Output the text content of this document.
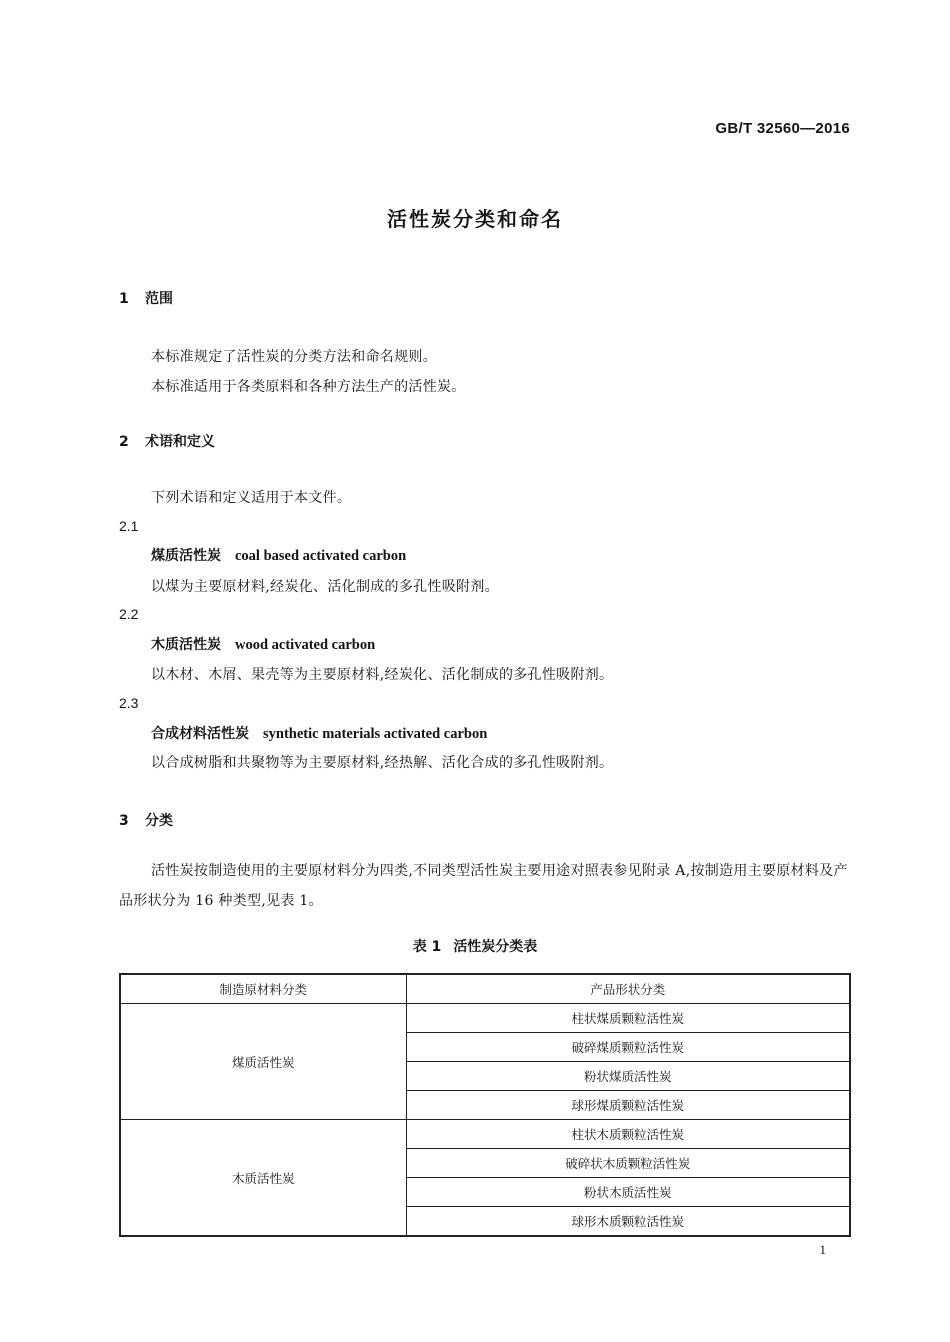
GB/T 32560—2016
活性炭分类和命名
1 范围
本标准规定了活性炭的分类方法和命名规则。
本标准适用于各类原料和各种方法生产的活性炭。
2 术语和定义
下列术语和定义适用于本文件。
2.1
煤质活性炭 coal based activated carbon
以煤为主要原材料,经炭化、活化制成的多孔性吸附剂。
2.2
木质活性炭 wood activated carbon
以木材、木屑、果壳等为主要原材料,经炭化、活化制成的多孔性吸附剂。
2.3
合成材料活性炭 synthetic materials activated carbon
以合成树脂和共聚物等为主要原材料,经热解、活化合成的多孔性吸附剂。
3 分类
活性炭按制造使用的主要原材料分为四类,不同类型活性炭主要用途对照表参见附录 A,按制造用主要原材料及产品形状分为 16 种类型,见表 1。
表 1 活性炭分类表
制造原材料分类	产品形状分类
煤质活性炭	柱状煤质颗粒活性炭
	破碎煤质颗粒活性炭
	粉状煤质活性炭
	球形煤质颗粒活性炭
木质活性炭	柱状木质颗粒活性炭
	破碎状木质颗粒活性炭
	粉状木质活性炭
	球形木质颗粒活性炭
1
